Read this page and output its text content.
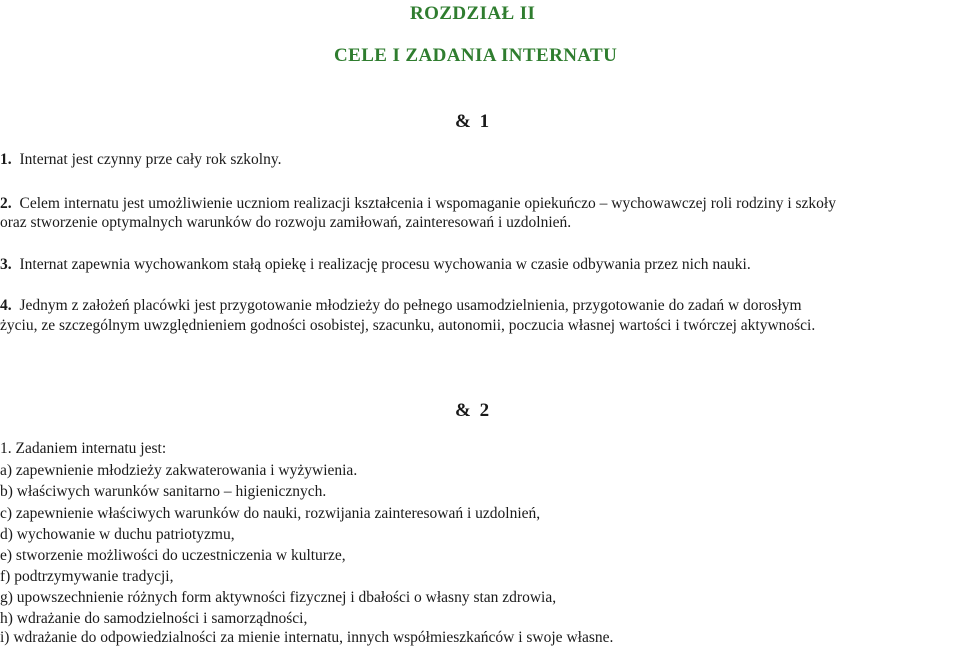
ROZDZIAŁ II
CELE I ZADANIA INTERNATU
& 1
1. Internat jest czynny prze cały rok szkolny.
2. Celem internatu jest umożliwienie uczniom realizacji kształcenia i wspomaganie opiekuńczo – wychowawczej roli rodziny i szkoły
oraz stworzenie optymalnych warunków do rozwoju zamiłowań, zainteresowań i uzdolnień.
3. Internat zapewnia wychowankom stałą opiekę i realizację procesu wychowania w czasie odbywania przez nich nauki.
4. Jednym z założeń placówki jest przygotowanie młodzieży do pełnego usamodzielnienia, przygotowanie do zadań w dorosłym
życiu, ze szczególnym uwzględnieniem godności osobistej, szacunku, autonomii, poczucia własnej wartości i twórczej aktywności.
& 2
1. Zadaniem internatu jest:
a) zapewnienie młodzieży zakwaterowania i wyżywienia.
b) właściwych warunków sanitarno – higienicznych.
c) zapewnienie właściwych warunków do nauki, rozwijania zainteresowań i uzdolnień,
d) wychowanie w duchu patriotyzmu,
e) stworzenie możliwości do uczestniczenia w kulturze,
f) podtrzymywanie tradycji,
g) upowszechnienie różnych form aktywności fizycznej i dbałości o własny stan zdrowia,
h) wdrażanie do samodzielności i samorządności,
i) wdrażanie do odpowiedzialności za mienie internatu, innych współmieszkańców i swoje własne.
